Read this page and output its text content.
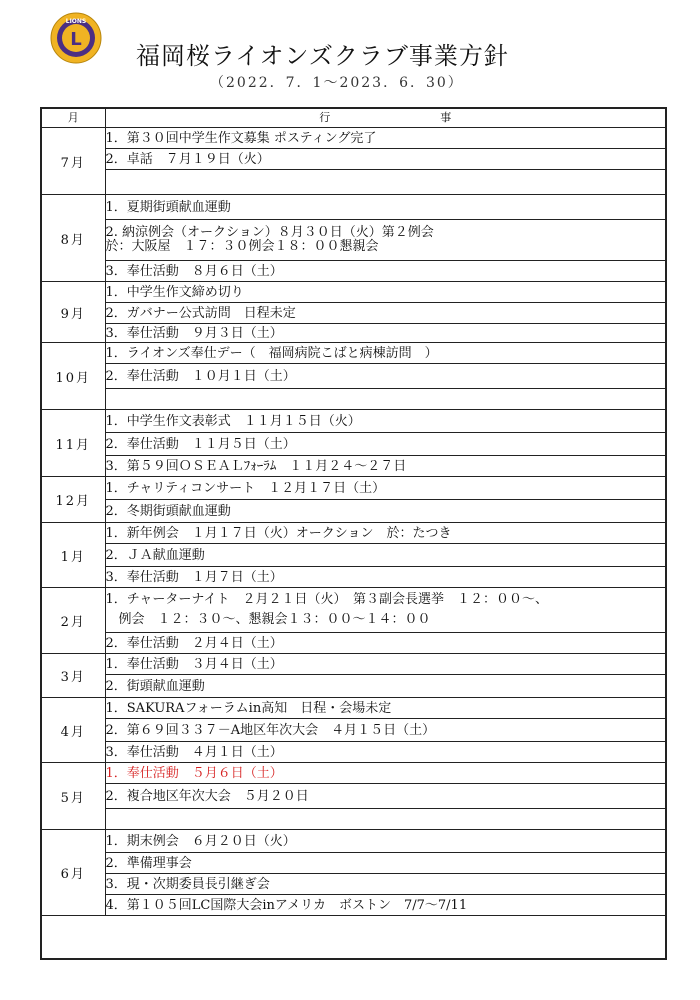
L
LIONS
福岡桜ライオンズクラブ事業方針
（2022．7．1～2023．6．30）
月	行事
7月	1．第３０回中学生作文募集 ポスティング完了
	2．卓話　７月１９日（火）

8月	1．夏期街頭献血運動
	2. 納涼例会（オークション）８月３０日（火）第２例会
於：大阪屋　１７：３０例会１８：００懇親会
	3．奉仕活動　８月６日（土）
9月	1．中学生作文締め切り
	2．ガバナー公式訪問　日程未定
	3．奉仕活動　９月３日（土）
10月	1．ライオンズ奉仕デー（　福岡病院こばと病棟訪問　）
	2．奉仕活動　１０月１日（土）

11月	1．中学生作文表彰式　１１月１５日（火）
	2．奉仕活動　１１月５日（土）
	3．第５９回ＯＳＥＡＬﾌｫｰﾗﾑ　１１月２４～２７日
12月	1．チャリティコンサート　１２月１７日（土）
	2．冬期街頭献血運動
1月	1．新年例会　１月１７日（火）オークション　於：たつき
	2．ＪＡ献血運動
	3．奉仕活動　１月７日（土）
2月	1．チャーターナイト　２月２１日（火）　第３副会長選挙　１２：００～、
　例会　１２：３０～、懇親会１３：００～１４：００
	2．奉仕活動　２月４日（土）
3月	1．奉仕活動　３月４日（土）
	2．街頭献血運動
4月	1．SAKURAフォーラムin高知　日程・会場未定
	2．第６９回３３７－A地区年次大会　４月１５日（土）
	3．奉仕活動　４月１日（土）
5月	1．奉仕活動　５月６日（土）
	2．複合地区年次大会　５月２０日

6月	1．期末例会　６月２０日（火）
	2．準備理事会
	3．現・次期委員長引継ぎ会
	4．第１０５回LC国際大会inアメリカ　ボストン　7/7～7/11
